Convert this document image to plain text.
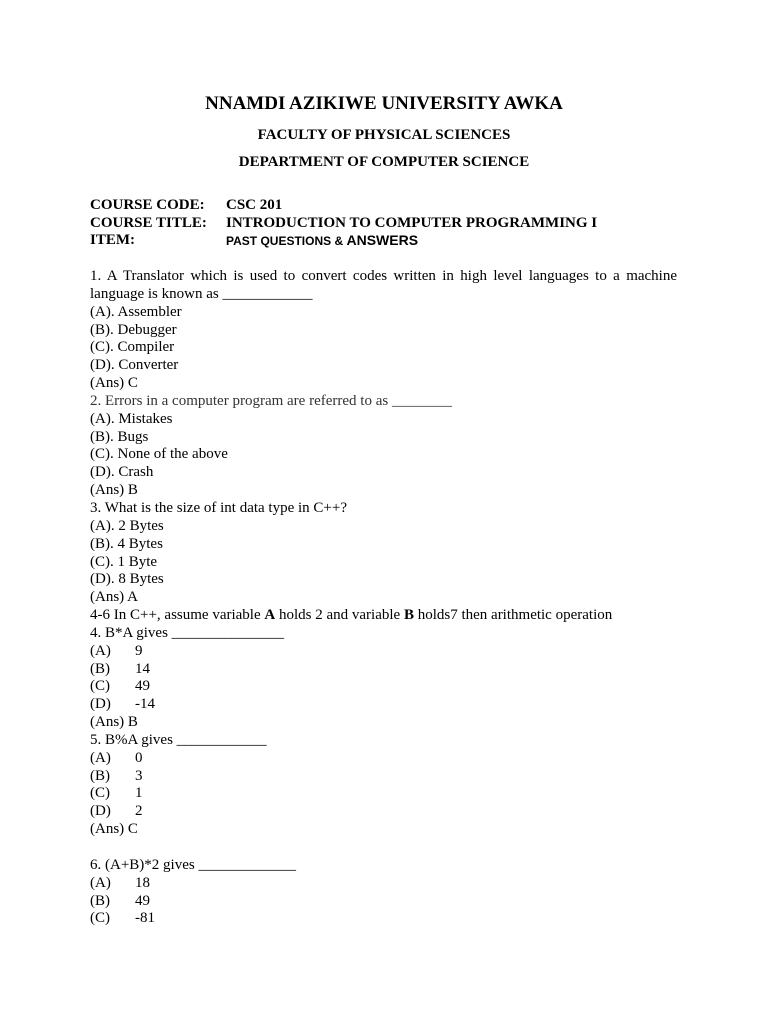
NNAMDI AZIKIWE UNIVERSITY AWKA
FACULTY OF PHYSICAL SCIENCES
DEPARTMENT OF COMPUTER SCIENCE
COURSE CODE:	CSC 201
COURSE TITLE:	INTRODUCTION TO COMPUTER PROGRAMMING I
ITEM:	PAST QUESTIONS & ANSWERS
1. A Translator which is used to convert codes written in high level languages to a machine language is known as ____________
(A). Assembler
(B). Debugger
(C). Compiler
(D). Converter
(Ans) C
2. Errors in a computer program are referred to as ________
(A). Mistakes
(B). Bugs
(C). None of the above
(D). Crash
(Ans) B
3. What is the size of int data type in C++?
(A). 2 Bytes
(B). 4 Bytes
(C). 1 Byte
(D). 8 Bytes
(Ans) A
4-6 In C++, assume variable A holds 2 and variable B holds7 then arithmetic operation
4. B*A gives _______________
(A) 9
(B) 14
(C) 49
(D) -14
(Ans) B
5. B%A gives ____________
(A) 0
(B) 3
(C) 1
(D) 2
(Ans) C
6. (A+B)*2 gives _____________
(A) 18
(B) 49
(C) -81
